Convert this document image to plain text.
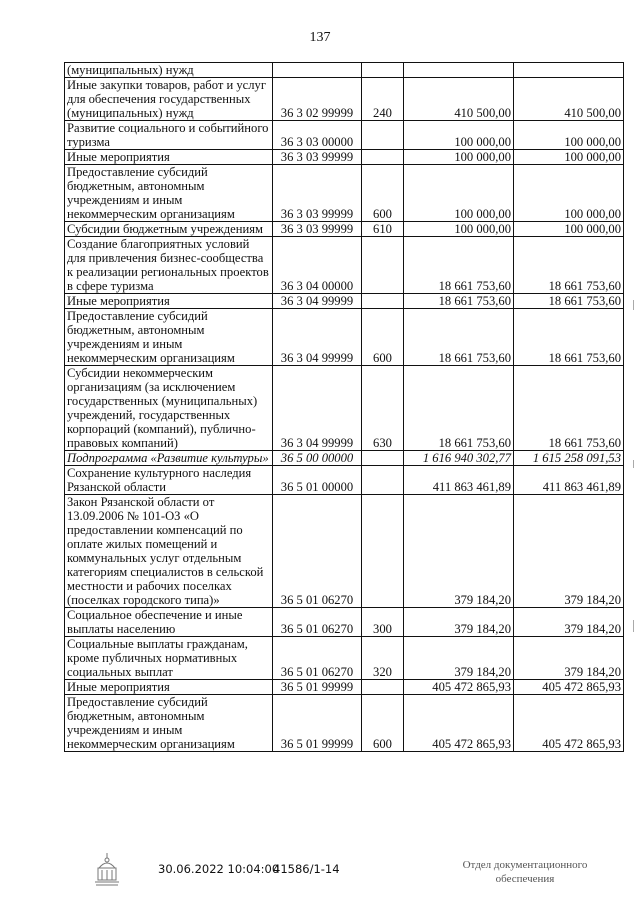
137
(муниципальных) нужд				
Иные закупки товаров, работ и услуг для обеспечения государственных (муниципальных) нужд	36 3 02 99999	240	410 500,00	410 500,00
Развитие социального и событийного туризма	36 3 03 00000		100 000,00	100 000,00
Иные мероприятия	36 3 03 99999		100 000,00	100 000,00
Предоставление субсидий бюджетным, автономным учреждениям и иным некоммерческим организациям	36 3 03 99999	600	100 000,00	100 000,00
Субсидии бюджетным учреждениям	36 3 03 99999	610	100 000,00	100 000,00
Создание благоприятных условий для привлечения бизнес-сообщества к реализации региональных проектов в сфере туризма	36 3 04 00000		18 661 753,60	18 661 753,60
Иные мероприятия	36 3 04 99999		18 661 753,60	18 661 753,60
Предоставление субсидий бюджетным, автономным учреждениям и иным некоммерческим организациям	36 3 04 99999	600	18 661 753,60	18 661 753,60
Субсидии некоммерческим организациям (за исключением государственных (муниципальных) учреждений, государственных корпораций (компаний), публично-правовых компаний)	36 3 04 99999	630	18 661 753,60	18 661 753,60
Подпрограмма «Развитие культуры»	36 5 00 00000		1 616 940 302,77	1 615 258 091,53
Сохранение культурного наследия Рязанской области	36 5 01 00000		411 863 461,89	411 863 461,89
Закон Рязанской области от 13.09.2006 № 101-ОЗ «О предоставлении компенсаций по оплате жилых помещений и коммунальных услуг отдельным категориям специалистов в сельской местности и рабочих поселках (поселках городского типа)»	36 5 01 06270		379 184,20	379 184,20
Социальное обеспечение и иные выплаты населению	36 5 01 06270	300	379 184,20	379 184,20
Социальные выплаты гражданам, кроме публичных нормативных социальных выплат	36 5 01 06270	320	379 184,20	379 184,20
Иные мероприятия	36 5 01 99999		405 472 865,93	405 472 865,93
Предоставление субсидий бюджетным, автономным учреждениям и иным некоммерческим организациям	36 5 01 99999	600	405 472 865,93	405 472 865,93
30.06.2022 10:04:00
41586/1-14	Отдел документационного
обеспечения
